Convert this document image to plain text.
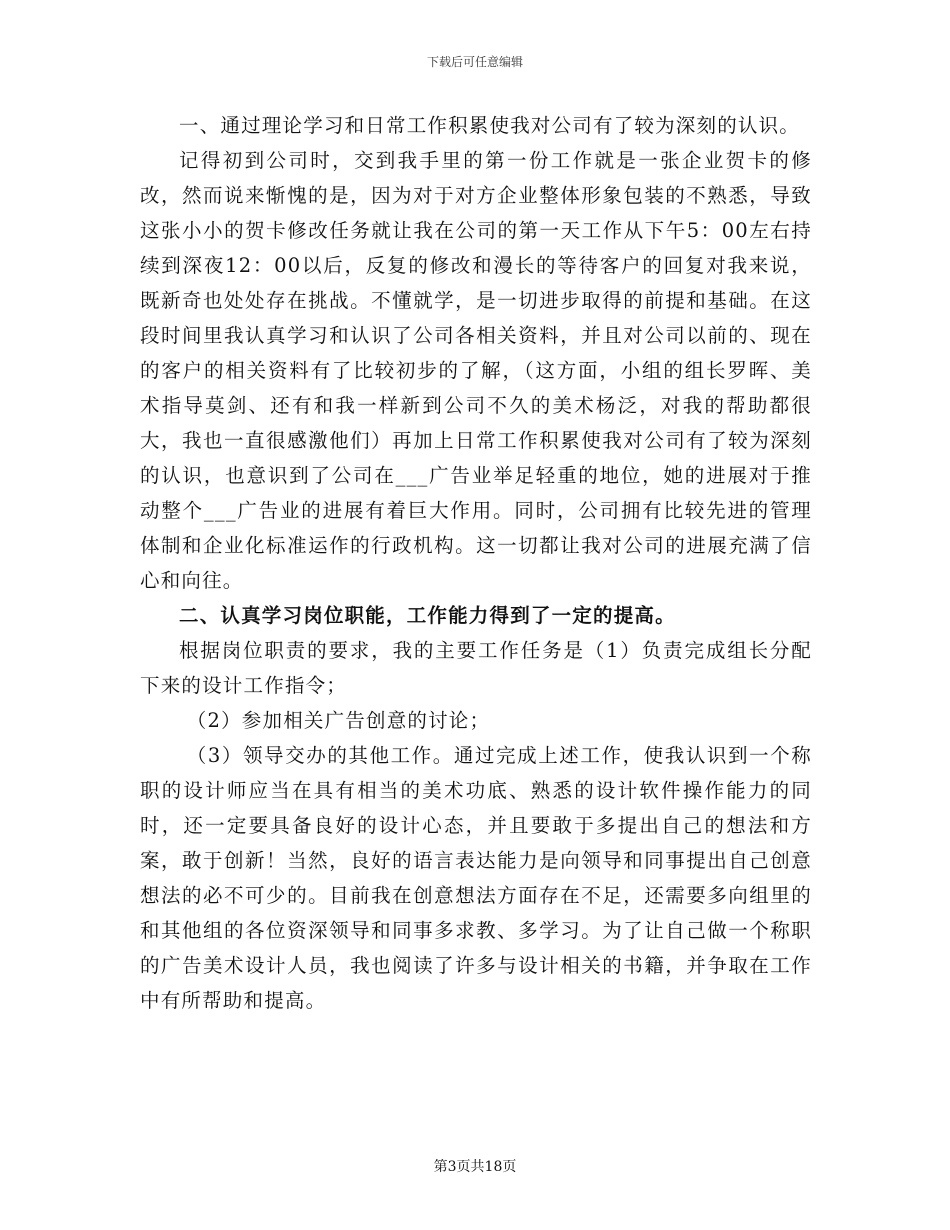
下载后可任意编辑

一、通过理论学习和日常工作积累使我对公司有了较为深刻的认识。

记得初到公司时，交到我手里的第一份工作就是一张企业贺卡的修改，然而说来惭愧的是，因为对于对方企业整体形象包装的不熟悉，导致这张小小的贺卡修改任务就让我在公司的第一天工作从下午5：00左右持续到深夜12：00以后，反复的修改和漫长的等待客户的回复对我来说，既新奇也处处存在挑战。不懂就学，是一切进步取得的前提和基础。在这段时间里我认真学习和认识了公司各相关资料，并且对公司以前的、现在的客户的相关资料有了比较初步的了解，（这方面，小组的组长罗晖、美术指导莫剑、还有和我一样新到公司不久的美术杨泛，对我的帮助都很大，我也一直很感激他们）再加上日常工作积累使我对公司有了较为深刻的认识，也意识到了公司在___广告业举足轻重的地位，她的进展对于推动整个___广告业的进展有着巨大作用。同时，公司拥有比较先进的管理体制和企业化标准运作的行政机构。这一切都让我对公司的进展充满了信心和向往。

二、认真学习岗位职能，工作能力得到了一定的提高。

根据岗位职责的要求，我的主要工作任务是（1）负责完成组长分配下来的设计工作指令；

（2）参加相关广告创意的讨论；

（3）领导交办的其他工作。通过完成上述工作，使我认识到一个称职的设计师应当在具有相当的美术功底、熟悉的设计软件操作能力的同时，还一定要具备良好的设计心态，并且要敢于多提出自己的想法和方案，敢于创新！当然，良好的语言表达能力是向领导和同事提出自己创意想法的必不可少的。目前我在创意想法方面存在不足，还需要多向组里的和其他组的各位资深领导和同事多求教、多学习。为了让自己做一个称职的广告美术设计人员，我也阅读了许多与设计相关的书籍，并争取在工作中有所帮助和提高。

第3页共18页
